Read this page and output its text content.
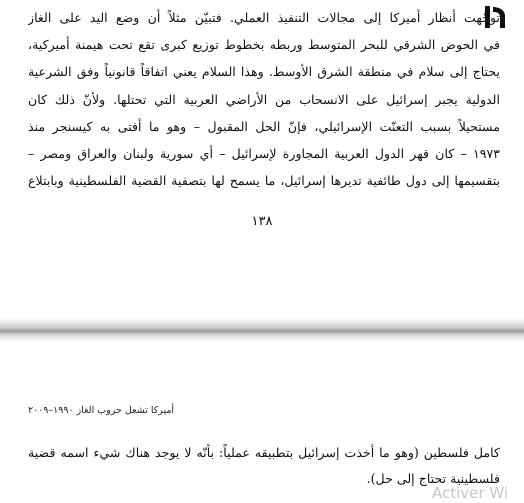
توجّهت أنظار أميركا إلى مجالات التنفيذ العملي. فتبيّن مثلاً أن وضع اليد على الغاز
في الحوض الشرقي للبحر المتوسط وربطه بخطوط توزيع كبرى تقع تحت هيمنة أميركية،
يحتاج إلى سلام في منطقة الشرق الأوسط. وهذا السلام يعني اتفاقاً قانونياً وفق الشرعية
الدولية يجبر إسرائيل على الانسحاب من الأراضي العربية التي تحتلها. ولأنّ ذلك كان
مستحيلاً بسبب التعنّت الإسرائيلي، فإنّ الحل المقبول – وهو ما أفتى به كيسنجر منذ
١٩٧٣ – كان قهر الدول العربية المجاورة لإسرائيل – أي سورية ولبنان والعراق ومصر –
بتقسيمها إلى دول طائفية تديرها إسرائيل، ما يسمح لها بتصفية القضية الفلسطينية وبابتلاع
١٣٨
أميركا تشعل حروب الغاز ١٩٩٠–٢٠٠٩
كامل فلسطين (وهو ما أخذت إسرائيل بتطبيقه عملياً: بأنّه لا يوجد هناك شيء اسمه قضية
فلسطينية تحتاج إلى حل).
Activer Wi
